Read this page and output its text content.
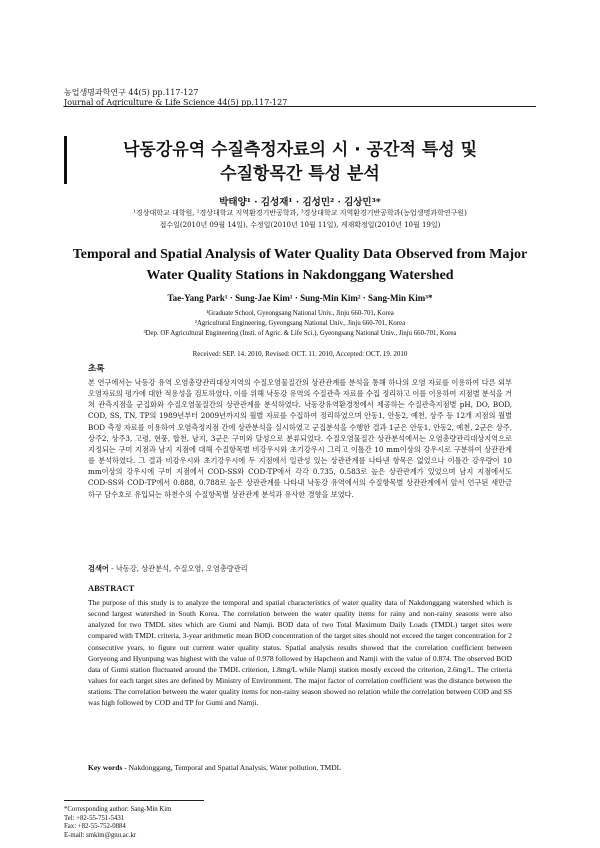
농업생명과학연구 44(5) pp.117-127
Journal of Agriculture & Life Science 44(5) pp.117-127
낙동강유역 수질측정자료의 시 · 공간적 특성 및
수질항목간 특성 분석
박태양¹ · 김성재¹ · 김성민² · 김상민³*
¹경상대학교 대학원, ²경상대학교 지역환경기반공학과, ³경상대학교 지역환경기반공학과(농업생명과학연구원)
접수일(2010년 09월 14일), 수정일(2010년 10월 11일), 게재확정일(2010년 10월 19일)
Temporal and Spatial Analysis of Water Quality Data Observed from Major
Water Quality Stations in Nakdonggang Watershed
Tae-Yang Park¹ · Sung-Jae Kim¹ · Sung-Min Kim² · Sang-Min Kim³*
¹Graduate School, Gyeongsang National Univ., Jinju 660-701, Korea
²Agricultural Engineering, Gyeongsang National Univ., Jinju 660-701, Korea
³Dep. OF Agricultural Engineering (Insti. of Agric. & Life Sci.), Gyeongsang National Univ., Jinju 660-701, Korea
Received: SEP. 14. 2010, Revised: OCT. 11. 2010, Accepted: OCT. 19. 2010
초록

본 연구에서는 낙동강 유역 오염총량관리대상지역의 수질오염물질간의 상관관계를 분석을 통해 하나의 오염 자료를 이용하여 다른 외부 오염자료의 평가에 대한 적용성을 검토하였다. 이를 위해 낙동강 유역의 수질관측 자료를 수집 정리하고 이를 이용하여 지점별 분석을 거쳐 관측지점을 군집화와 수질오염물질간의 상관관계를 분석하였다. 낙동강유역환경청에서 제공하는 수질관측지점별 pH, DO, BOD, COD, SS, TN, TP의 1989년부터 2009년까지의 월별 자료를 수집하여 정리하였으며 안동1, 안동2, 예천, 상주 등 12개 지점의 월별 BOD 측정 자료를 이용하여 오염측정지점 간에 상관분석을 실시하였고 군집분석을 수행한 결과 1군은 안동1, 안동2, 예천, 2군은 상주, 상주2, 상주3, 고령, 현풍, 합천, 남지, 3군은 구미와 달성으로 분류되었다. 수질오염물질간 상관분석에서는 오염총량관리대상지역으로 지정되는 구미 지점과 남지 지점에 대해 수질항목별 비강우시와 초기강우시 그리고 이틀간 10 mm이상의 강우시로 구분하여 상관관계를 분석하였다. 그 결과 비강우시와 초기강우시에 두 지점에서 일관성 있는 상관관계를 나타낸 항목은 없었으나 이틀간 강우량이 10 mm이상의 강우시에 구미 지점에서 COD-SS와 COD-TP에서 각각 0.735, 0.583로 높은 상관관계가 있었으며 남지 지점에서도 COD-SS와 COD-TP에서 0.888, 0.788로 높은 상관관계를 나타내 낙동강 유역에서의 수질항목별 상관관계에서 앞서 언구된 새만금 하구 담수호로 유입되는 하천수의 수질항목별 상관관계 분석과 유사한 경향을 보였다.

검색어 - 낙동강, 상관분석, 수질오염, 오염총량관리
ABSTRACT

The purpose of this study is to analyze the temporal and spatial characteristics of water quality data of Nakdonggang watershed which is second largest watershed in South Korea. The correlation between the water quality items for rainy and non-rainy seasons were also analyzed for two TMDL sites which are Gumi and Namji. BOD data of two Total Maximum Daily Loads (TMDL) target sites were compared with TMDL criteria, 3-year arithmetic mean BOD concentration of the target sites should not exceed the target concentration for 2 consecutive years, to figure out current water quality status. Spatial analysis results showed that the correlation coefficient between Goryeong and Hyunpung was highest with the value of 0.978 followed by Hapcheon and Namji with the value of 0.874. The observed BOD data of Gumi station fluctuated around the TMDL criterion, 1.8mg/L while Namji station mostly exceed the criterion, 2.6mg/L. The criteria values for each target sites are defined by Ministry of Environment. The major factor of correlation coefficient was the distance between the stations. The correlation between the water quality items for non-rainy season showed no relation while the correlation between COD and SS was high followed by COD and TP for Gumi and Namji.

Key words - Nakdonggang, Temporal and Spatial Analysis, Water pollution, TMDL
*Corresponding author: Sang-Min Kim
Tel: +82-55-751-5431
Fax: +82-55-752-0884
E-mail: smkim@gnu.ac.kr
